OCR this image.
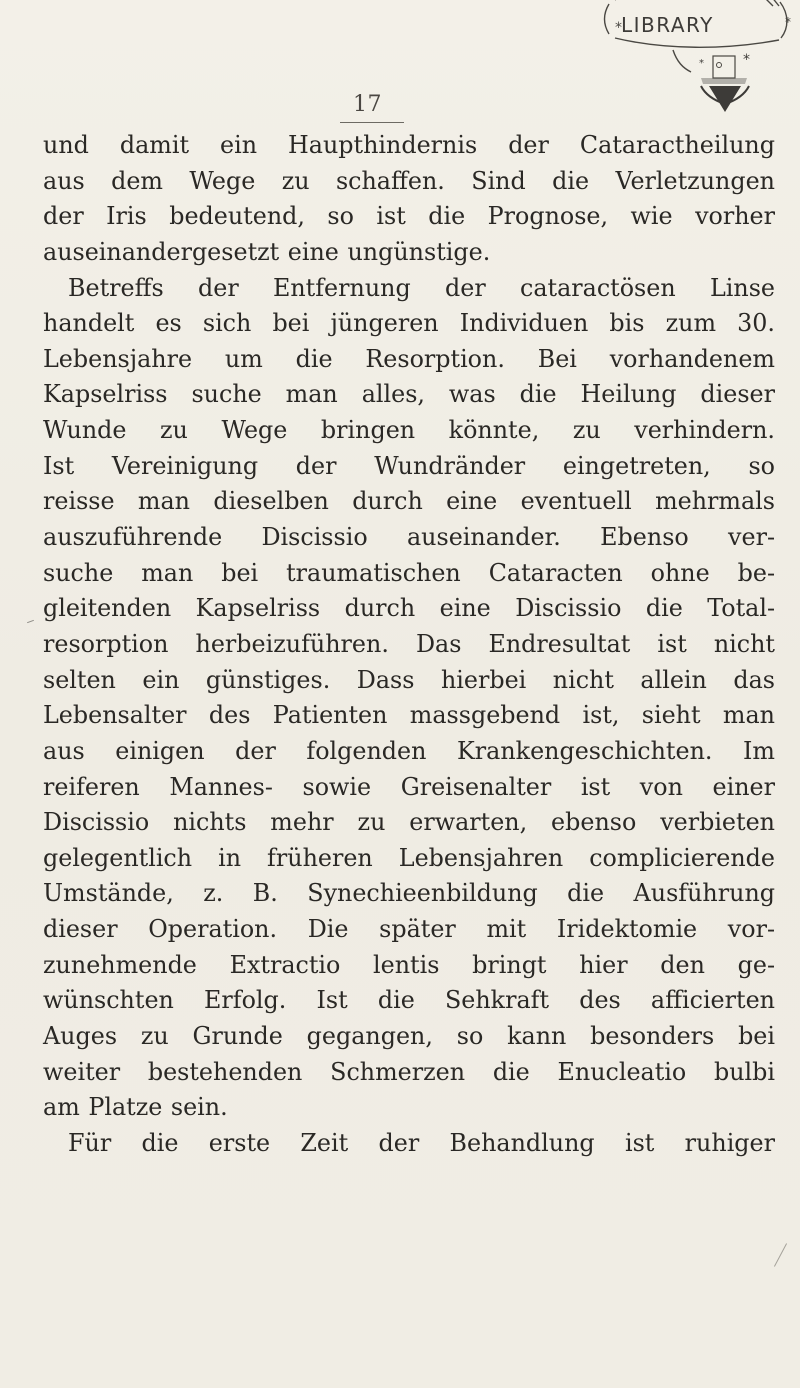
LIBRARY
*	*
*
*
17
und damit ein Haupthindernis der Cataractheilung
aus dem Wege zu schaffen. Sind die Verletzungen
der Iris bedeutend, so ist die Prognose, wie vorher
auseinandergesetzt eine ungünstige.
Betreffs der Entfernung der cataractösen Linse
handelt es sich bei jüngeren Individuen bis zum 30.
Lebensjahre um die Resorption. Bei vorhandenem
Kapselriss suche man alles, was die Heilung dieser
Wunde zu Wege bringen könnte, zu verhindern.
Ist Vereinigung der Wundränder eingetreten, so
reisse man dieselben durch eine eventuell mehrmals
auszuführende Discissio auseinander. Ebenso ver-
suche man bei traumatischen Cataracten ohne be-
gleitenden Kapselriss durch eine Discissio die Total-
resorption herbeizuführen. Das Endresultat ist nicht
selten ein günstiges. Dass hierbei nicht allein das
Lebensalter des Patienten massgebend ist, sieht man
aus einigen der folgenden Krankengeschichten. Im
reiferen Mannes- sowie Greisenalter ist von einer
Discissio nichts mehr zu erwarten, ebenso verbieten
gelegentlich in früheren Lebensjahren complicierende
Umstände, z. B. Synechieenbildung die Ausführung
dieser Operation. Die später mit Iridektomie vor-
zunehmende Extractio lentis bringt hier den ge-
wünschten Erfolg. Ist die Sehkraft des afficierten
Auges zu Grunde gegangen, so kann besonders bei
weiter bestehenden Schmerzen die Enucleatio bulbi
am Platze sein.
Für die erste Zeit der Behandlung ist ruhiger
